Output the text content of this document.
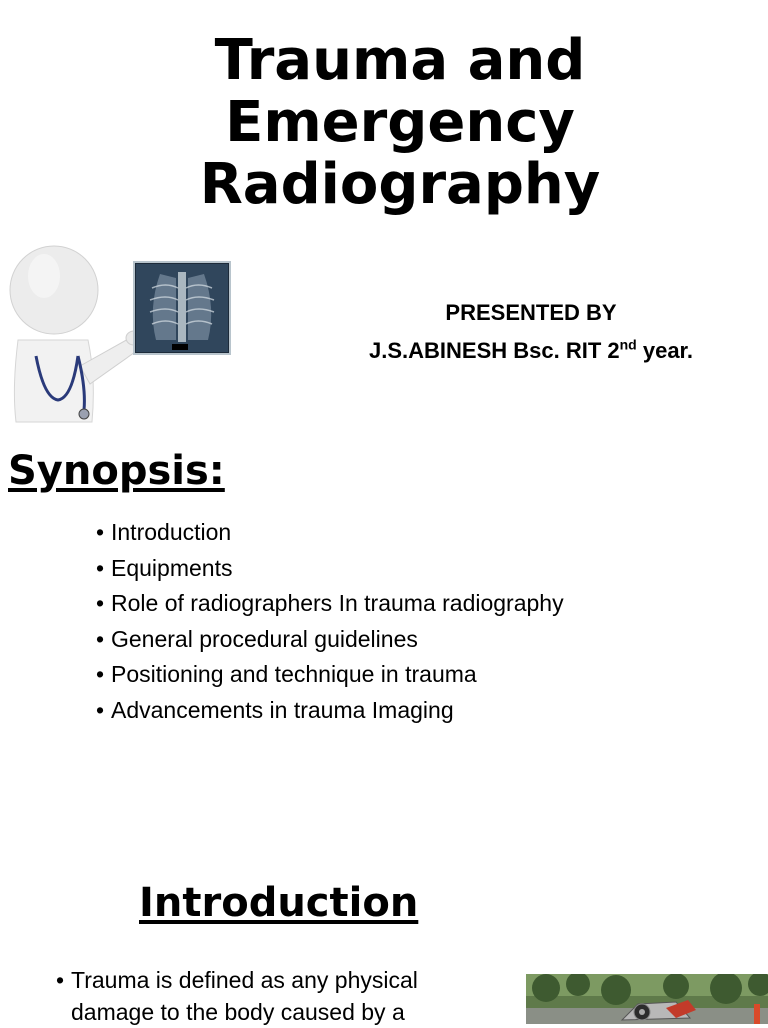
Trauma and Emergency Radiography
PRESENTED BY
J.S.ABINESH Bsc. RIT 2nd year.
Synopsis:
• Introduction
• Equipments
• Role of radiographers In trauma radiography
• General procedural guidelines
• Positioning and technique in trauma
• Advancements in trauma Imaging
Introduction
• Trauma is defined as any physical damage to the body caused by a
